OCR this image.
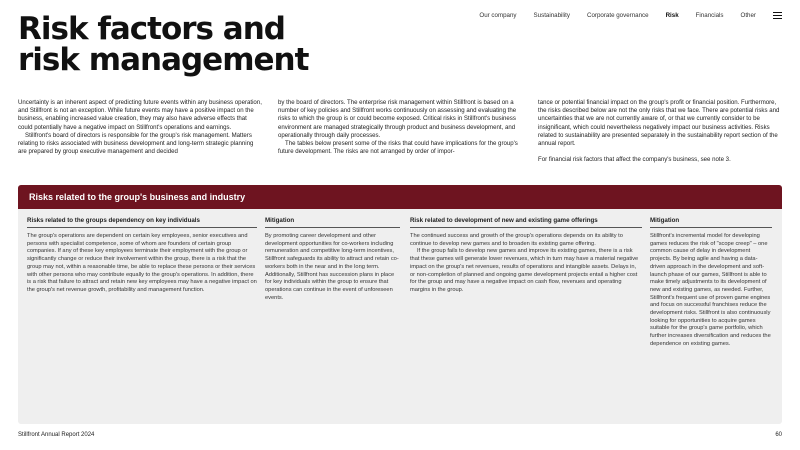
Risk factors and
risk management
Our company	Sustainability	Corporate governance	Risk	Financials	Other

Uncertainty is an inherent aspect of predicting future events within any business operation, and Stillfront is not an exception. While future events may have a positive impact on the business, enabling increased value creation, they may also have adverse effects that could potentially have a negative impact on Stillfront's operations and earnings.

Stillfront's board of directors is responsible for the group's risk management. Matters relating to risks associated with business development and long-term strategic planning are prepared by group executive management and decided

by the board of directors. The enterprise risk management within Stillfront is based on a number of key policies and Stillfront works continuously on assessing and evaluating the risks to which the group is or could become exposed. Critical risks in Stillfront's business environment are managed strategically through product and business development, and operationally through daily processes.

The tables below present some of the risks that could have implications for the group's future development. The risks are not arranged by order of impor-

tance or potential financial impact on the group's profit or financial position. Furthermore, the risks described below are not the only risks that we face. There are potential risks and uncertainties that we are not currently aware of, or that we currently consider to be insignificant, which could nevertheless negatively impact our business activities. Risks related to sustainability are presented separately in the sustainability report section of the annual report.

For financial risk factors that affect the company's business, see note 3.

Risks related to the group's business and industry
Risks related to the groups dependency on key individuals

The group's operations are dependent on certain key employees, senior executives and persons with specialist competence, some of whom are founders of certain group companies. If any of these key employees terminate their employment with the group or significantly change or reduce their involvement within the group, there is a risk that the group may not, within a reasonable time, be able to replace these persons or their services with other persons who may contribute equally to the group's operations. In addition, there is a risk that failure to attract and retain new key employees may have a negative impact on the group's net revenue growth, profitability and management function.

Mitigation

By promoting career development and other development opportunities for co-workers including remuneration and competitive long-term incentives, Stillfront safeguards its ability to attract and retain co-workers both in the near and in the long term. Additionally, Stillfront has succession plans in place for key individuals within the group to ensure that operations can continue in the event of unforeseen events.

Risk related to development of new and existing game offerings

The continued success and growth of the group's operations depends on its ability to continue to develop new games and to broaden its existing game offering.

If the group fails to develop new games and improve its existing games, there is a risk that these games will generate lower revenues, which in turn may have a material negative impact on the group's net revenues, results of operations and intangible assets. Delays in, or non-completion of planned and ongoing game development projects entail a higher cost for the group and may have a negative impact on cash flow, revenues and operating margins in the group.

Mitigation

Stillfront's incremental model for developing games reduces the risk of "scope creep" – one common cause of delay in development projects. By being agile and having a data-driven approach in the development and soft-launch phase of our games, Stillfront is able to make timely adjustments to its development of new and existing games, as needed. Further, Stillfront's frequent use of proven game engines and focus on successful franchises reduce the development risks. Stillfront is also continuously looking for opportunities to acquire games suitable for the group's game portfolio, which further increases diversification and reduces the dependence on existing games.

Stillfront Annual Report 2024	60
